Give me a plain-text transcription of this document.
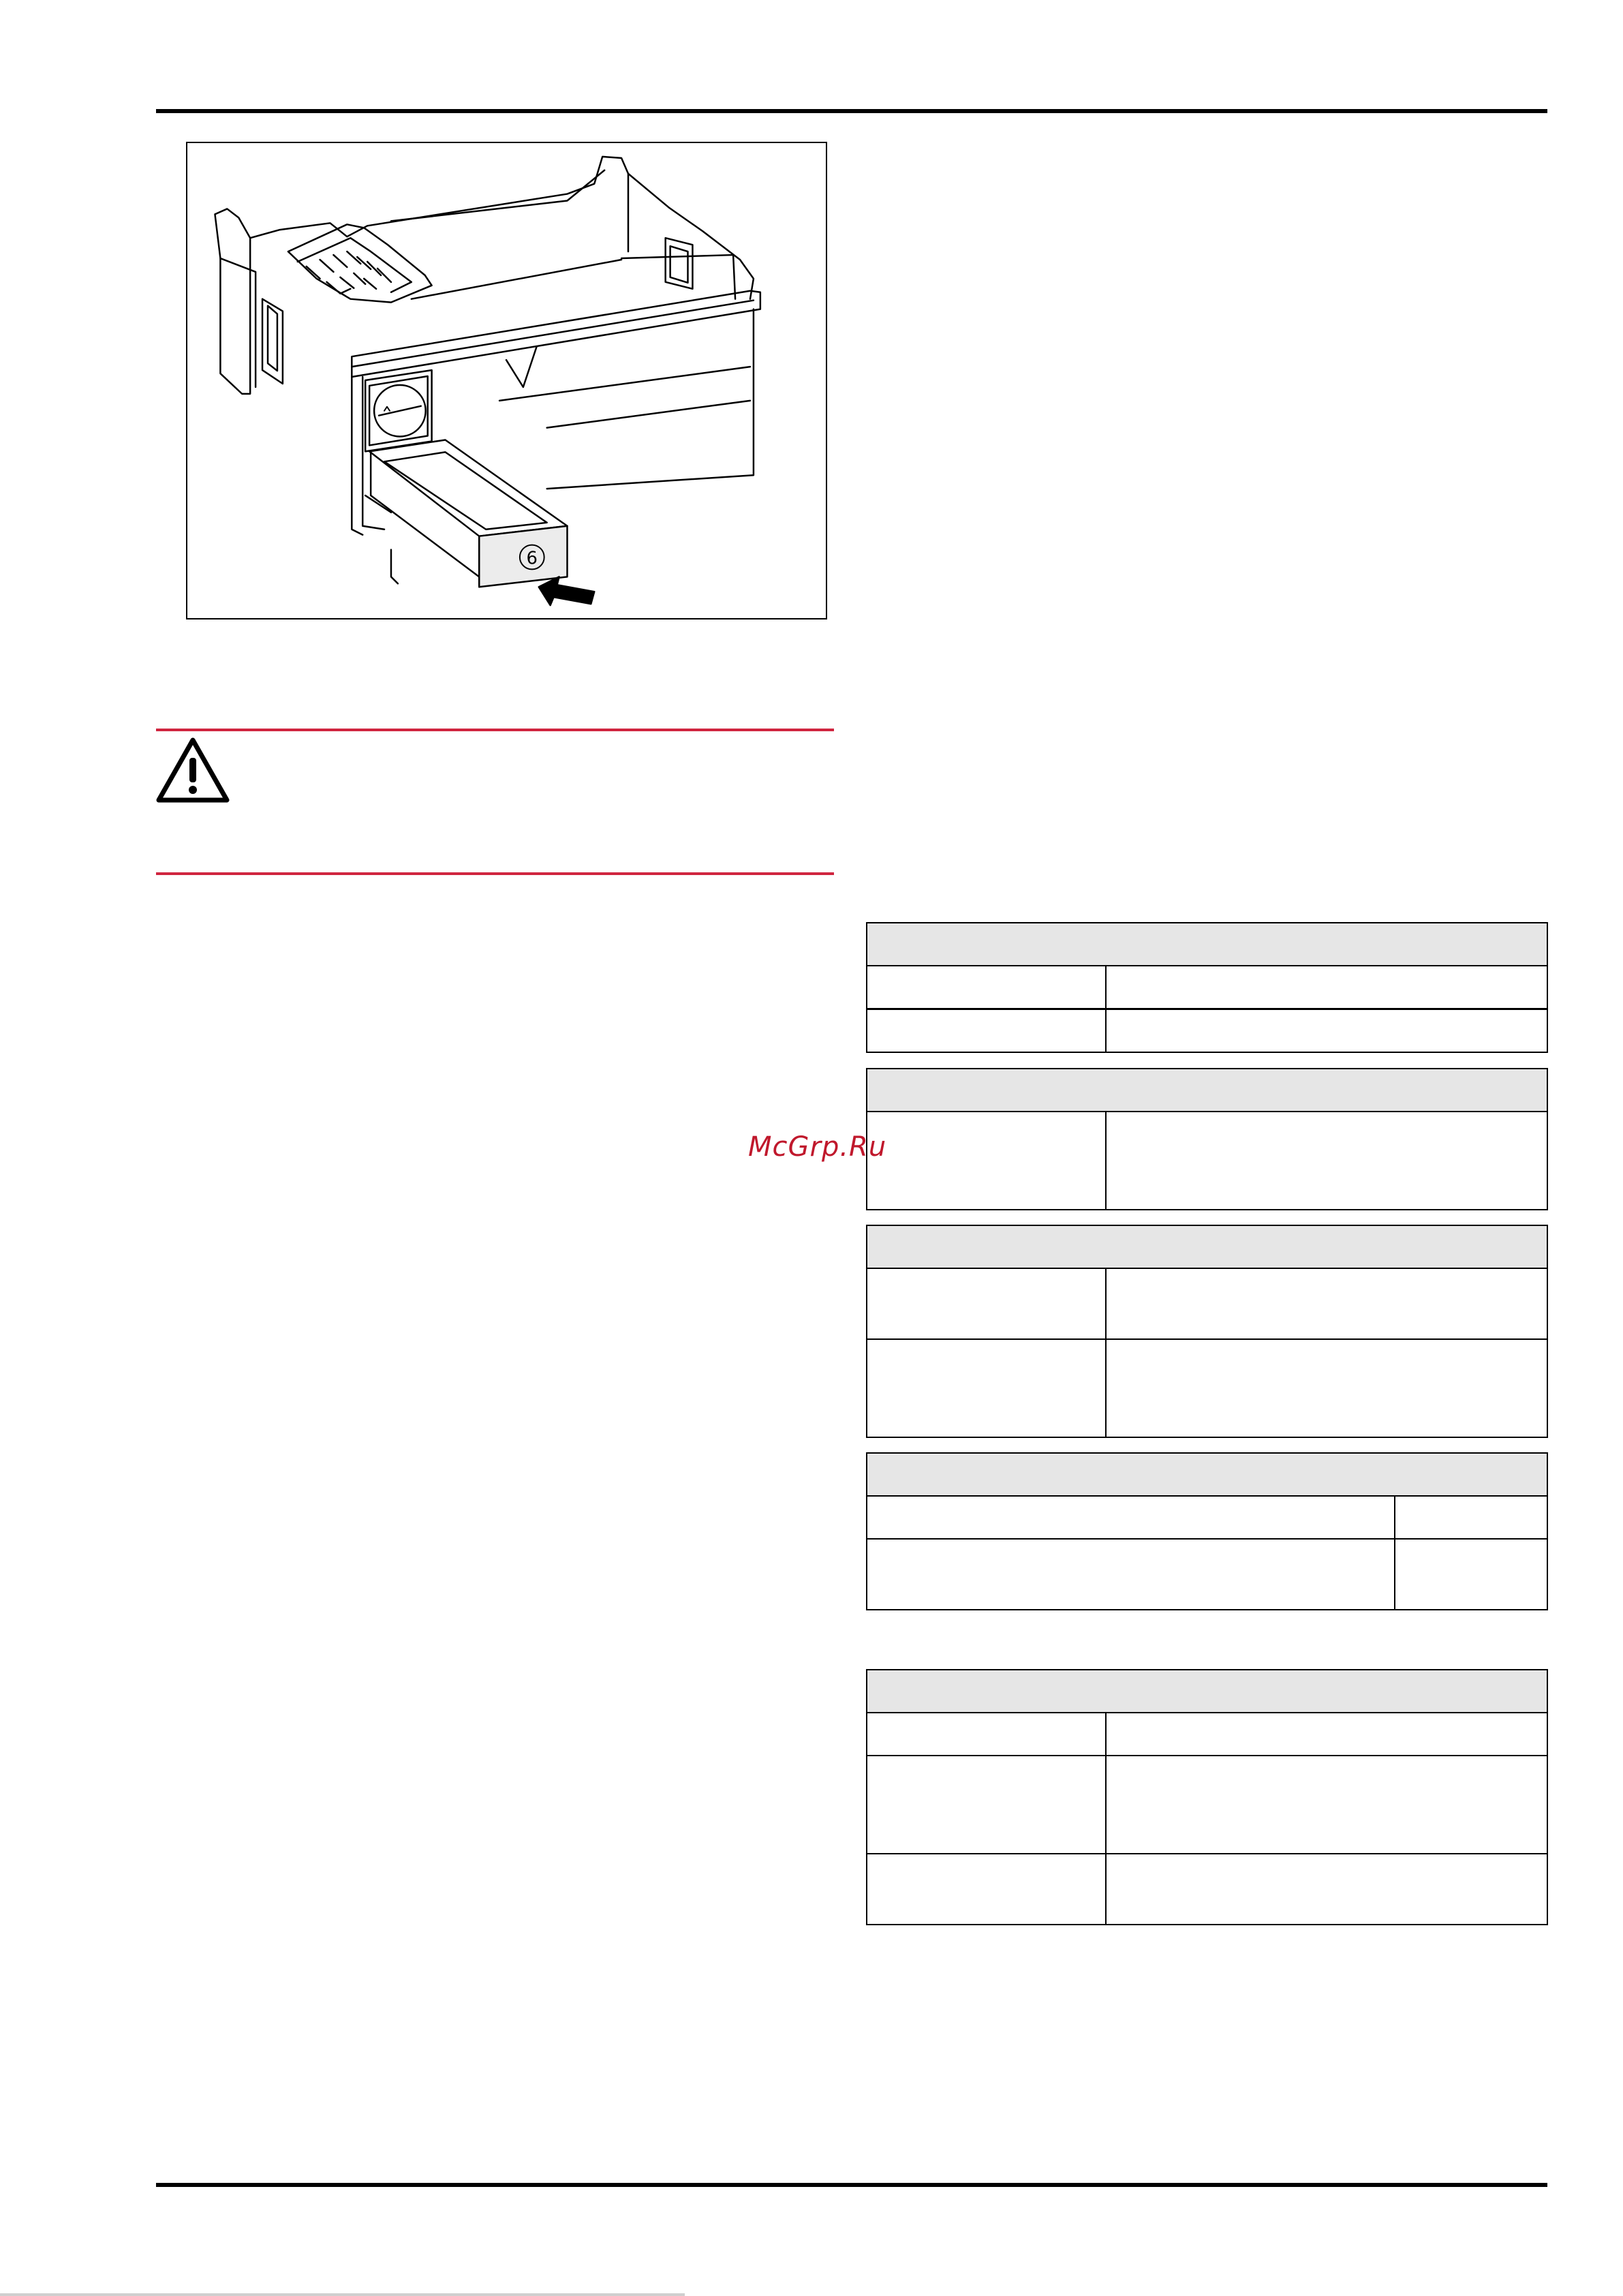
6
McGrp.Ru
